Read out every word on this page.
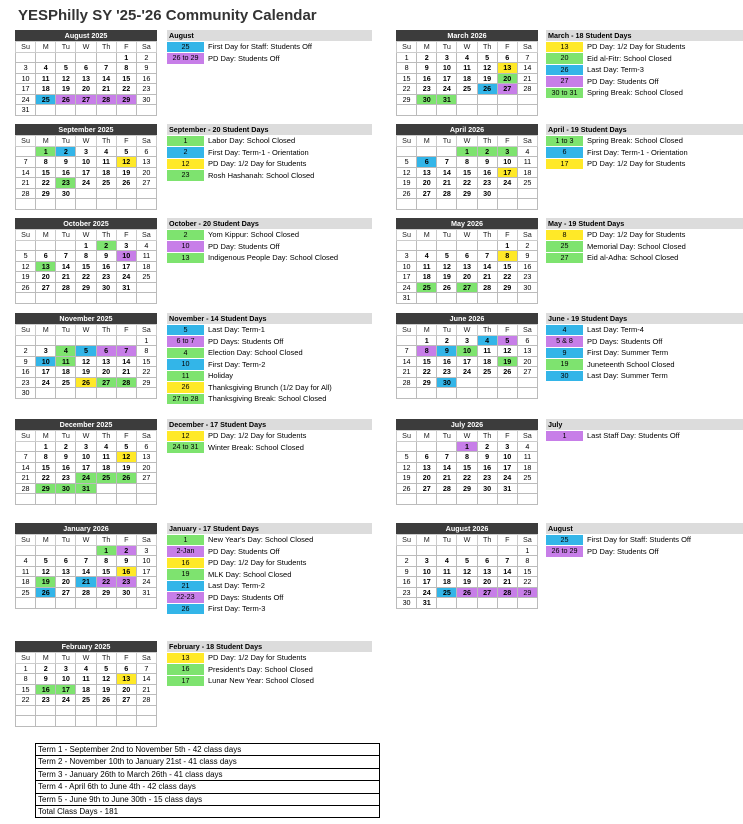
YESPhilly SY '25-'26 Community Calendar
August 2025
Su	M	Tu	W	Th	F	Sa
					1	2
3	4	5	6	7	8	9
10	11	12	13	14	15	16
17	18	19	20	21	22	23
24	25	26	27	28	29	30
31						
September 2025
Su	M	Tu	W	Th	F	Sa
	1	2	3	4	5	6
7	8	9	10	11	12	13
14	15	16	17	18	19	20
21	22	23	24	25	26	27
28	29	30				

October 2025
Su	M	Tu	W	Th	F	Sa
			1	2	3	4
5	6	7	8	9	10	11
12	13	14	15	16	17	18
19	20	21	22	23	24	25
26	27	28	29	30	31	

November 2025
Su	M	Tu	W	Th	F	Sa
						1
2	3	4	5	6	7	8
9	10	11	12	13	14	15
16	17	18	19	20	21	22
23	24	25	26	27	28	29
30						
December 2025
Su	M	Tu	W	Th	F	Sa
	1	2	3	4	5	6
7	8	9	10	11	12	13
14	15	16	17	18	19	20
21	22	23	24	25	26	27
28	29	30	31			

January 2026
Su	M	Tu	W	Th	F	Sa
				1	2	3
4	5	6	7	8	9	10
11	12	13	14	15	16	17
18	19	20	21	22	23	24
25	26	27	28	29	30	31

February 2025
Su	M	Tu	W	Th	F	Sa
1	2	3	4	5	6	7
8	9	10	11	12	13	14
15	16	17	18	19	20	21
22	23	24	25	26	27	28

March 2026
Su	M	Tu	W	Th	F	Sa
1	2	3	4	5	6	7
8	9	10	11	12	13	14
15	16	17	18	19	20	21
22	23	24	25	26	27	28
29	30	31				

April 2026
Su	M	Tu	W	Th	F	Sa
			1	2	3	4
5	6	7	8	9	10	11
12	13	14	15	16	17	18
19	20	21	22	23	24	25
26	27	28	29	30		

May 2026
Su	M	Tu	W	Th	F	Sa
					1	2
3	4	5	6	7	8	9
10	11	12	13	14	15	16
17	18	19	20	21	22	23
24	25	26	27	28	29	30
31						
June 2026
Su	M	Tu	W	Th	F	Sa
	1	2	3	4	5	6
7	8	9	10	11	12	13
14	15	16	17	18	19	20
21	22	23	24	25	26	27
28	29	30				

July 2026
Su	M	Tu	W	Th	F	Sa
			1	2	3	4
5	6	7	8	9	10	11
12	13	14	15	16	17	18
19	20	21	22	23	24	25
26	27	28	29	30	31	

August 2026
Su	M	Tu	W	Th	F	Sa
						1
2	3	4	5	6	7	8
9	10	11	12	13	14	15
16	17	18	19	20	21	22
23	24	25	26	27	28	29
30	31					
August
25	First Day for Staff: Students Off
26 to 29	PD Day: Students Off
September - 20 Student Days
1	Labor Day: School Closed
2	First Day: Term-1 - Orientation
12	PD Day: 1/2 Day for Students
23	Rosh Hashanah: School Closed
October - 20 Student Days
2	Yom Kippur: School Closed
10	PD Day: Students Off
13	Indigenous People Day: School Closed
November - 14 Student Days
5	Last Day: Term-1
6 to 7	PD Days: Students Off
4	Election Day: School Closed
10	First Day: Term-2
11	Holiday
26	Thanksgiving Brunch (1/2 Day for All)
27 to 28	Thanksgiving Break: School Closed
December - 17 Student Days
12	PD Day: 1/2 Day for Students
24 to 31	Winter Break: School Closed
January - 17 Student Days
1	New Year's Day: School Closed
2-Jan	PD Day: Students Off
16	PD Day: 1/2 Day for Students
19	MLK Day: School Closed
21	Last Day: Term-2
22-23	PD Days: Students Off
26	First Day: Term-3
February - 18 Student Days
13	PD Day: 1/2 Day for Students
16	President's Day: School Closed
17	Lunar New Year: School Closed
March - 18 Student Days
13	PD Day: 1/2 Day for Students
20	Eid al-Fitr: School Closed
26	Last Day: Term-3
27	PD Day: Students Off
30 to 31	Spring Break: School Closed
April - 19 Student Days
1 to 3	Spring Break: School Closed
6	First Day: Term-1 - Orientation
17	PD Day: 1/2 Day for Students
May - 19 Student Days
8	PD Day: 1/2 Day for Students
25	Memorial Day: School Closed
27	Eid al-Adha: School Closed
June - 19 Student Days
4	Last Day: Term-4
5 & 8	PD Days: Students Off
9	First Day: Summer Term
19	Juneteenth School Closed
30	Last Day: Summer Term
July
1	Last Staff Day: Students Off
August
25	First Day for Staff: Students Off
26 to 29	PD Day: Students Off
Term 1 - September 2nd to November 5th - 42 class days
Term 2 - November 10th to January 21st - 41 class days
Term 3 - January 26th to March 26th - 41 class days
Term 4 - April 6th to June 4th - 42 class days
Term 5 - June 9th to June 30th - 15 class days
Total Class Days - 181
